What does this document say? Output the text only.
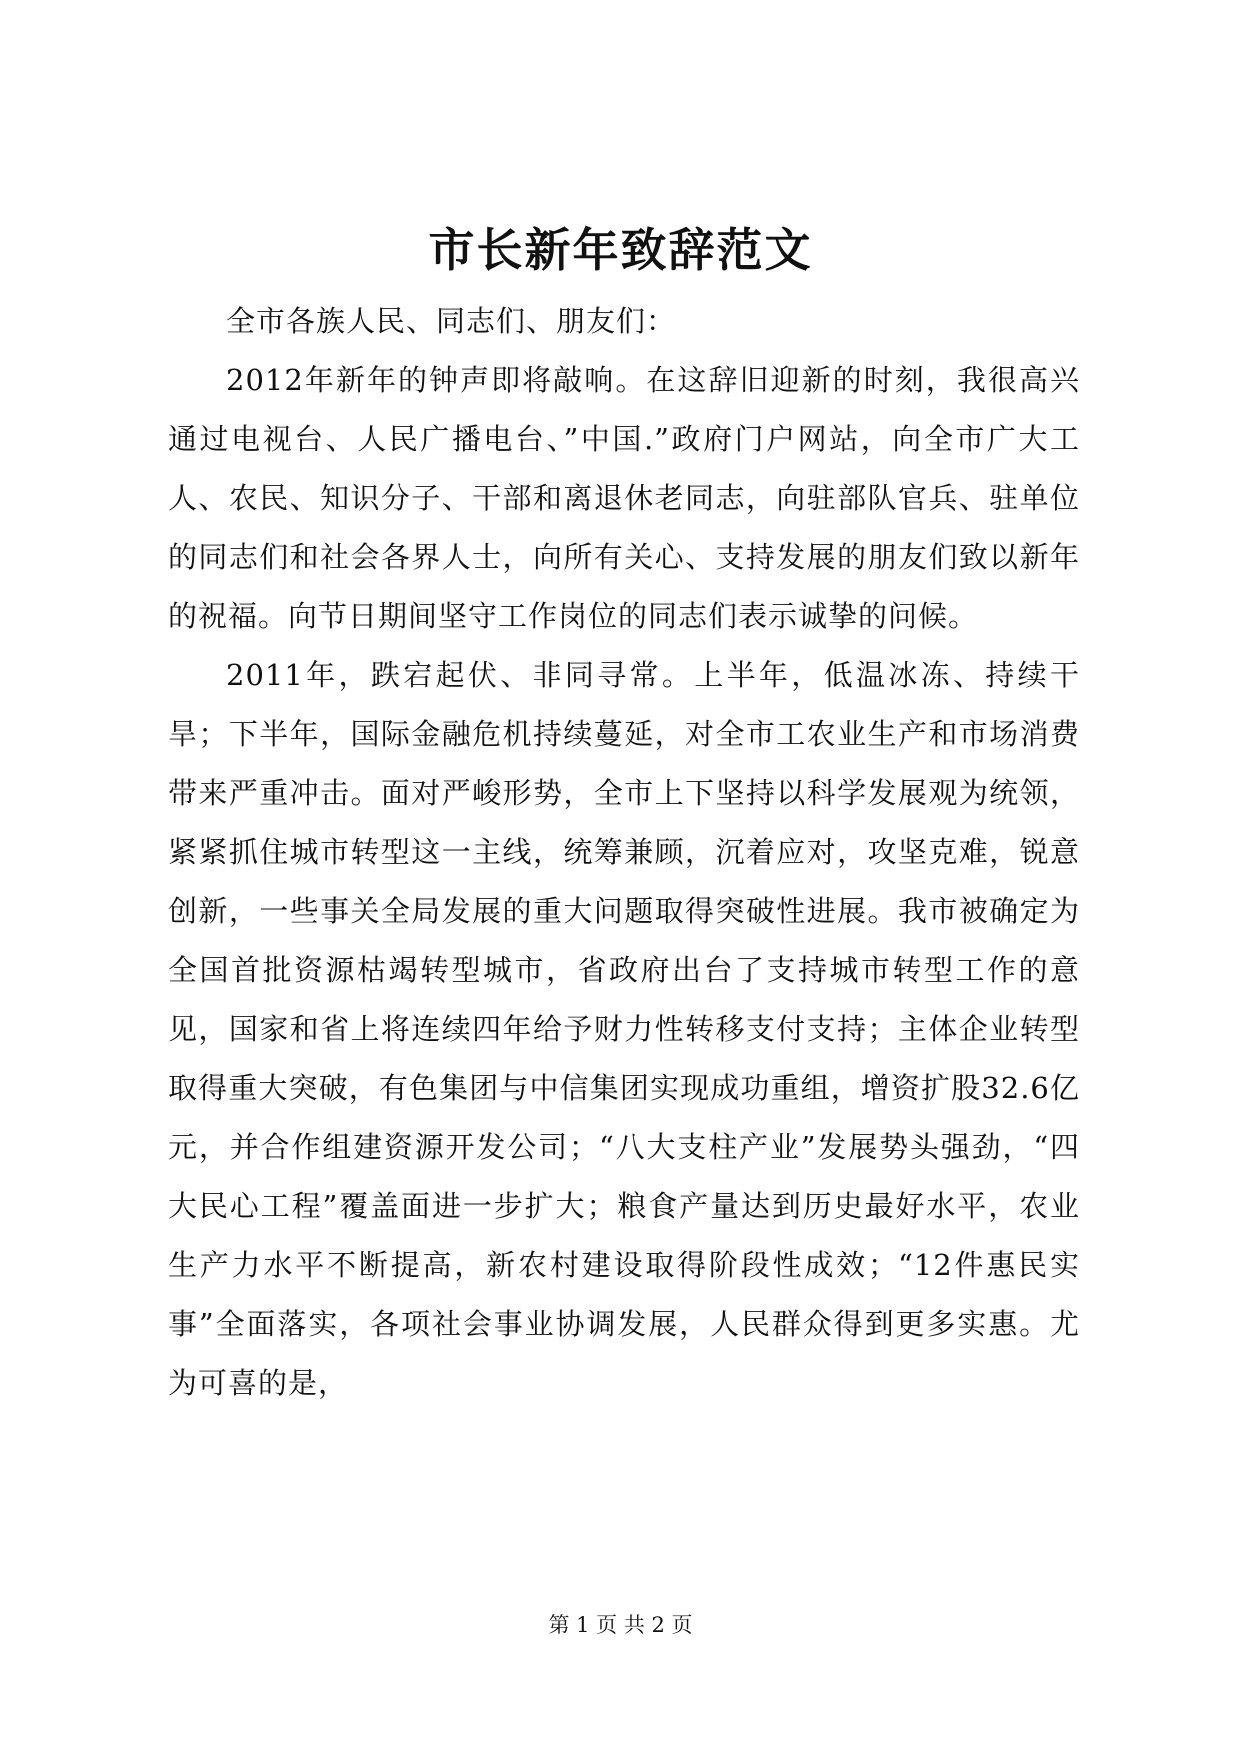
市长新年致辞范文

全市各族人民、同志们、朋友们：

2012年新年的钟声即将敲响。在这辞旧迎新的时刻，我很高兴通过电视台、人民广播电台、”中国.”政府门户网站，向全市广大工人、农民、知识分子、干部和离退休老同志，向驻部队官兵、驻单位的同志们和社会各界人士，向所有关心、支持发展的朋友们致以新年的祝福。向节日期间坚守工作岗位的同志们表示诚挚的问候。

2011年，跌宕起伏、非同寻常。上半年，低温冰冻、持续干旱；下半年，国际金融危机持续蔓延，对全市工农业生产和市场消费带来严重冲击。面对严峻形势，全市上下坚持以科学发展观为统领，紧紧抓住城市转型这一主线，统筹兼顾，沉着应对，攻坚克难，锐意创新，一些事关全局发展的重大问题取得突破性进展。我市被确定为全国首批资源枯竭转型城市，省政府出台了支持城市转型工作的意见，国家和省上将连续四年给予财力性转移支付支持；主体企业转型取得重大突破，有色集团与中信集团实现成功重组，增资扩股32.6亿元，并合作组建资源开发公司；“八大支柱产业”发展势头强劲，“四大民心工程”覆盖面进一步扩大；粮食产量达到历史最好水平，农业生产力水平不断提高，新农村建设取得阶段性成效；“12件惠民实事”全面落实，各项社会事业协调发展，人民群众得到更多实惠。尤为可喜的是，

第 1 页 共 2 页
